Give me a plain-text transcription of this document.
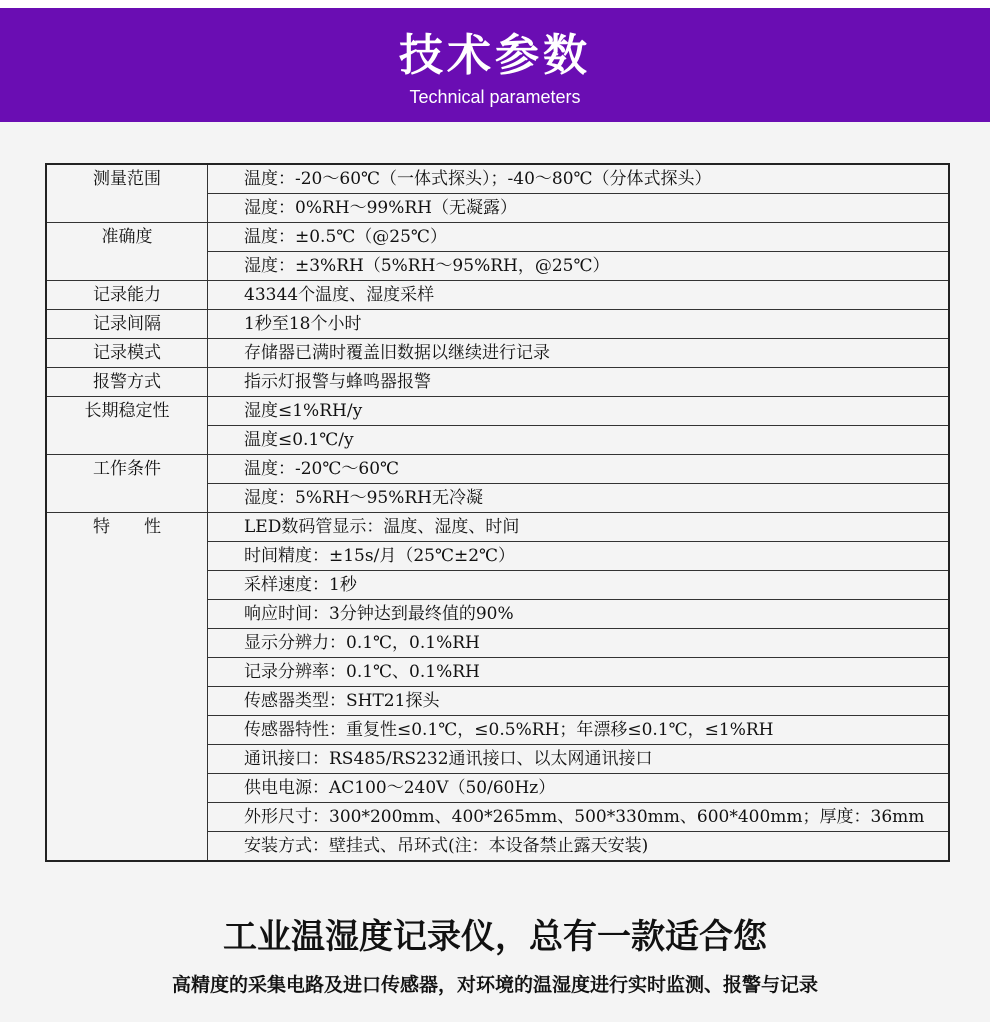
技术参数
Technical parameters
测量范围	温度：-20～60℃（一体式探头）；-40～80℃（分体式探头）
	湿度：0%RH～99%RH（无凝露）
准确度	温度：±0.5℃（@25℃）
	湿度：±3%RH（5%RH～95%RH，@25℃）
记录能力	43344个温度、湿度采样
记录间隔	1秒至18个小时
记录模式	存储器已满时覆盖旧数据以继续进行记录
报警方式	指示灯报警与蜂鸣器报警
长期稳定性	湿度≤1%RH/y
	温度≤0.1℃/y
工作条件	温度：-20℃～60℃
	湿度：5%RH～95%RH无冷凝
特　　性	LED数码管显示：温度、湿度、时间
	时间精度：±15s/月（25℃±2℃）
	采样速度：1秒
	响应时间：3分钟达到最终值的90%
	显示分辨力：0.1℃，0.1%RH
	记录分辨率：0.1℃、0.1%RH
	传感器类型：SHT21探头
	传感器特性：重复性≤0.1℃，≤0.5%RH；年漂移≤0.1℃，≤1%RH
	通讯接口：RS485/RS232通讯接口、以太网通讯接口
	供电电源：AC100～240V（50/60Hz）
	外形尺寸：300*200mm、400*265mm、500*330mm、600*400mm；厚度：36mm
	安装方式：壁挂式、吊环式(注：本设备禁止露天安装)
工业温湿度记录仪，总有一款适合您
高精度的采集电路及进口传感器，对环境的温湿度进行实时监测、报警与记录
